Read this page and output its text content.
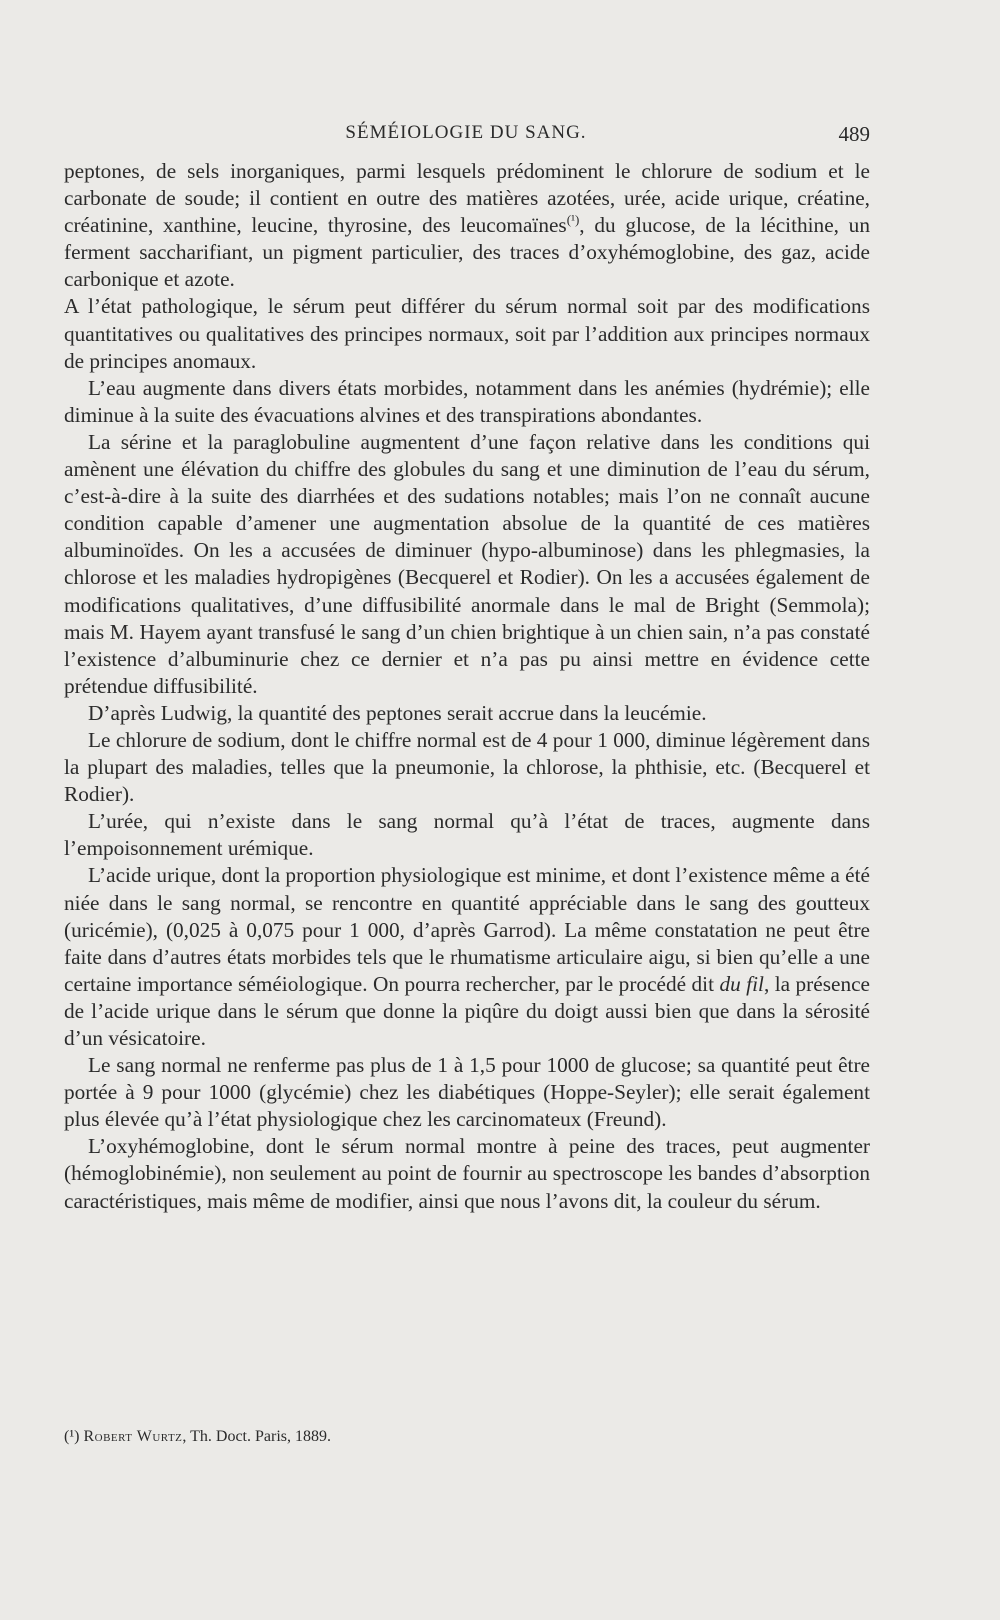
SÉMÉIOLOGIE DU SANG.	489

peptones, de sels inorganiques, parmi lesquels prédominent le chlorure de sodium et le carbonate de soude; il contient en outre des matières azotées, urée, acide urique, créatine, créatinine, xanthine, leucine, thyrosine, des leucomaïnes$^{(^1)}$, du glucose, de la lécithine, un ferment saccharifiant, un pigment particulier, des traces d’oxyhémoglobine, des gaz, acide carbonique et azote.

A l’état pathologique, le sérum peut différer du sérum normal soit par des modifications quantitatives ou qualitatives des principes normaux, soit par l’addition aux principes normaux de principes anomaux.

L’eau augmente dans divers états morbides, notamment dans les anémies (hydrémie); elle diminue à la suite des évacuations alvines et des transpirations abondantes.

La sérine et la paraglobuline augmentent d’une façon relative dans les conditions qui amènent une élévation du chiffre des globules du sang et une diminution de l’eau du sérum, c’est-à-dire à la suite des diarrhées et des sudations notables; mais l’on ne connaît aucune condition capable d’amener une augmentation absolue de la quantité de ces matières albuminoïdes. On les a accusées de diminuer (hypo-albuminose) dans les phlegmasies, la chlorose et les maladies hydropigènes (Becquerel et Rodier). On les a accusées également de modifications qualitatives, d’une diffusibilité anormale dans le mal de Bright (Semmola); mais M. Hayem ayant transfusé le sang d’un chien brightique à un chien sain, n’a pas constaté l’existence d’albuminurie chez ce dernier et n’a pas pu ainsi mettre en évidence cette prétendue diffusibilité.

D’après Ludwig, la quantité des peptones serait accrue dans la leucémie.

Le chlorure de sodium, dont le chiffre normal est de 4 pour 1 000, diminue légèrement dans la plupart des maladies, telles que la pneumonie, la chlorose, la phthisie, etc. (Becquerel et Rodier).

L’urée, qui n’existe dans le sang normal qu’à l’état de traces, augmente dans l’empoisonnement urémique.

L’acide urique, dont la proportion physiologique est minime, et dont l’existence même a été niée dans le sang normal, se rencontre en quantité appréciable dans le sang des goutteux (uricémie), (0,025 à 0,075 pour 1 000, d’après Garrod). La même constatation ne peut être faite dans d’autres états morbides tels que le rhumatisme articulaire aigu, si bien qu’elle a une certaine importance séméiologique. On pourra rechercher, par le procédé dit du fil, la présence de l’acide urique dans le sérum que donne la piqûre du doigt aussi bien que dans la sérosité d’un vésicatoire.

Le sang normal ne renferme pas plus de 1 à 1,5 pour 1000 de glucose; sa quantité peut être portée à 9 pour 1000 (glycémie) chez les diabétiques (Hoppe-Seyler); elle serait également plus élevée qu’à l’état physiologique chez les carcinomateux (Freund).

L’oxyhémoglobine, dont le sérum normal montre à peine des traces, peut augmenter (hémoglobinémie), non seulement au point de fournir au spectroscope les bandes d’absorption caractéristiques, mais même de modifier, ainsi que nous l’avons dit, la couleur du sérum.

(¹) Robert Wurtz, Th. Doct. Paris, 1889.
